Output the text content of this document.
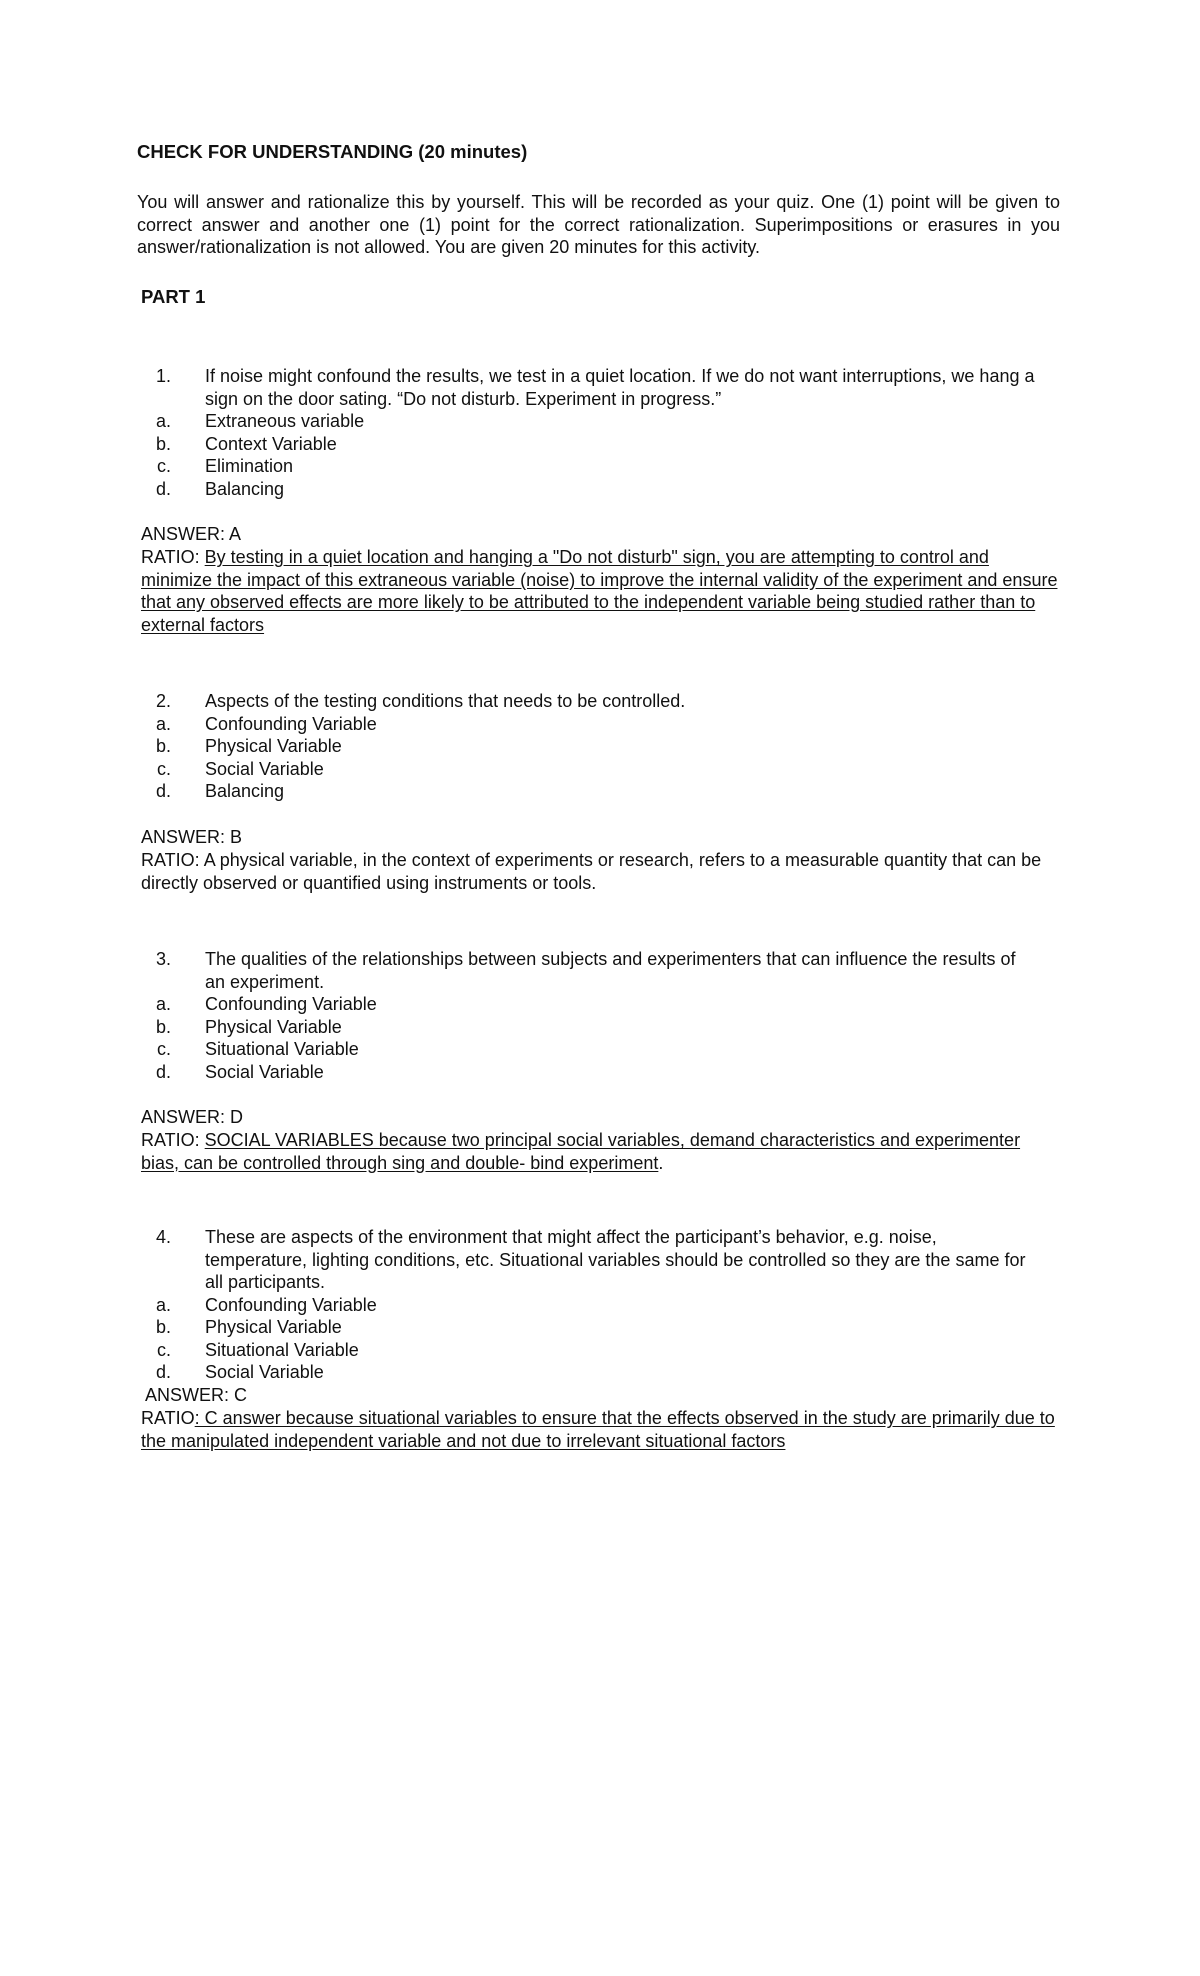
CHECK FOR UNDERSTANDING (20 minutes)
You will answer and rationalize this by yourself. This will be recorded as your quiz. One (1) point will be given to correct answer and another one (1) point for the correct rationalization. Superimpositions or erasures in you answer/rationalization is not allowed. You are given 20 minutes for this activity.
PART 1
1.	If noise might confound the results, we test in a quiet location. If we do not want interruptions, we hang a sign on the door sating. “Do not disturb. Experiment in progress.”
a.	Extraneous variable
b.	Context Variable
c.	Elimination
d.	Balancing
ANSWER: A
RATIO: By testing in a quiet location and hanging a "Do not disturb" sign, you are attempting to control and minimize the impact of this extraneous variable (noise) to improve the internal validity of the experiment and ensure that any observed effects are more likely to be attributed to the independent variable being studied rather than to external factors
2.	Aspects of the testing conditions that needs to be controlled.
a.	Confounding Variable
b.	Physical Variable
c.	Social Variable
d.	Balancing
ANSWER: B
RATIO: A physical variable, in the context of experiments or research, refers to a measurable quantity that can be directly observed or quantified using instruments or tools.
3.	The qualities of the relationships between subjects and experimenters that can influence the results of an experiment.
a.	Confounding Variable
b.	Physical Variable
c.	Situational Variable
d.	Social Variable
ANSWER: D
RATIO: SOCIAL VARIABLES because two principal social variables, demand characteristics and experimenter bias, can be controlled through sing and double- bind experiment.
4.	These are aspects of the environment that might affect the participant’s behavior, e.g. noise, temperature, lighting conditions, etc. Situational variables should be controlled so they are the same for all participants.
a.	Confounding Variable
b.	Physical Variable
c.	Situational Variable
d.	Social Variable
ANSWER: C
RATIO: C answer because situational variables to ensure that the effects observed in the study are primarily due to the manipulated independent variable and not due to irrelevant situational factors
